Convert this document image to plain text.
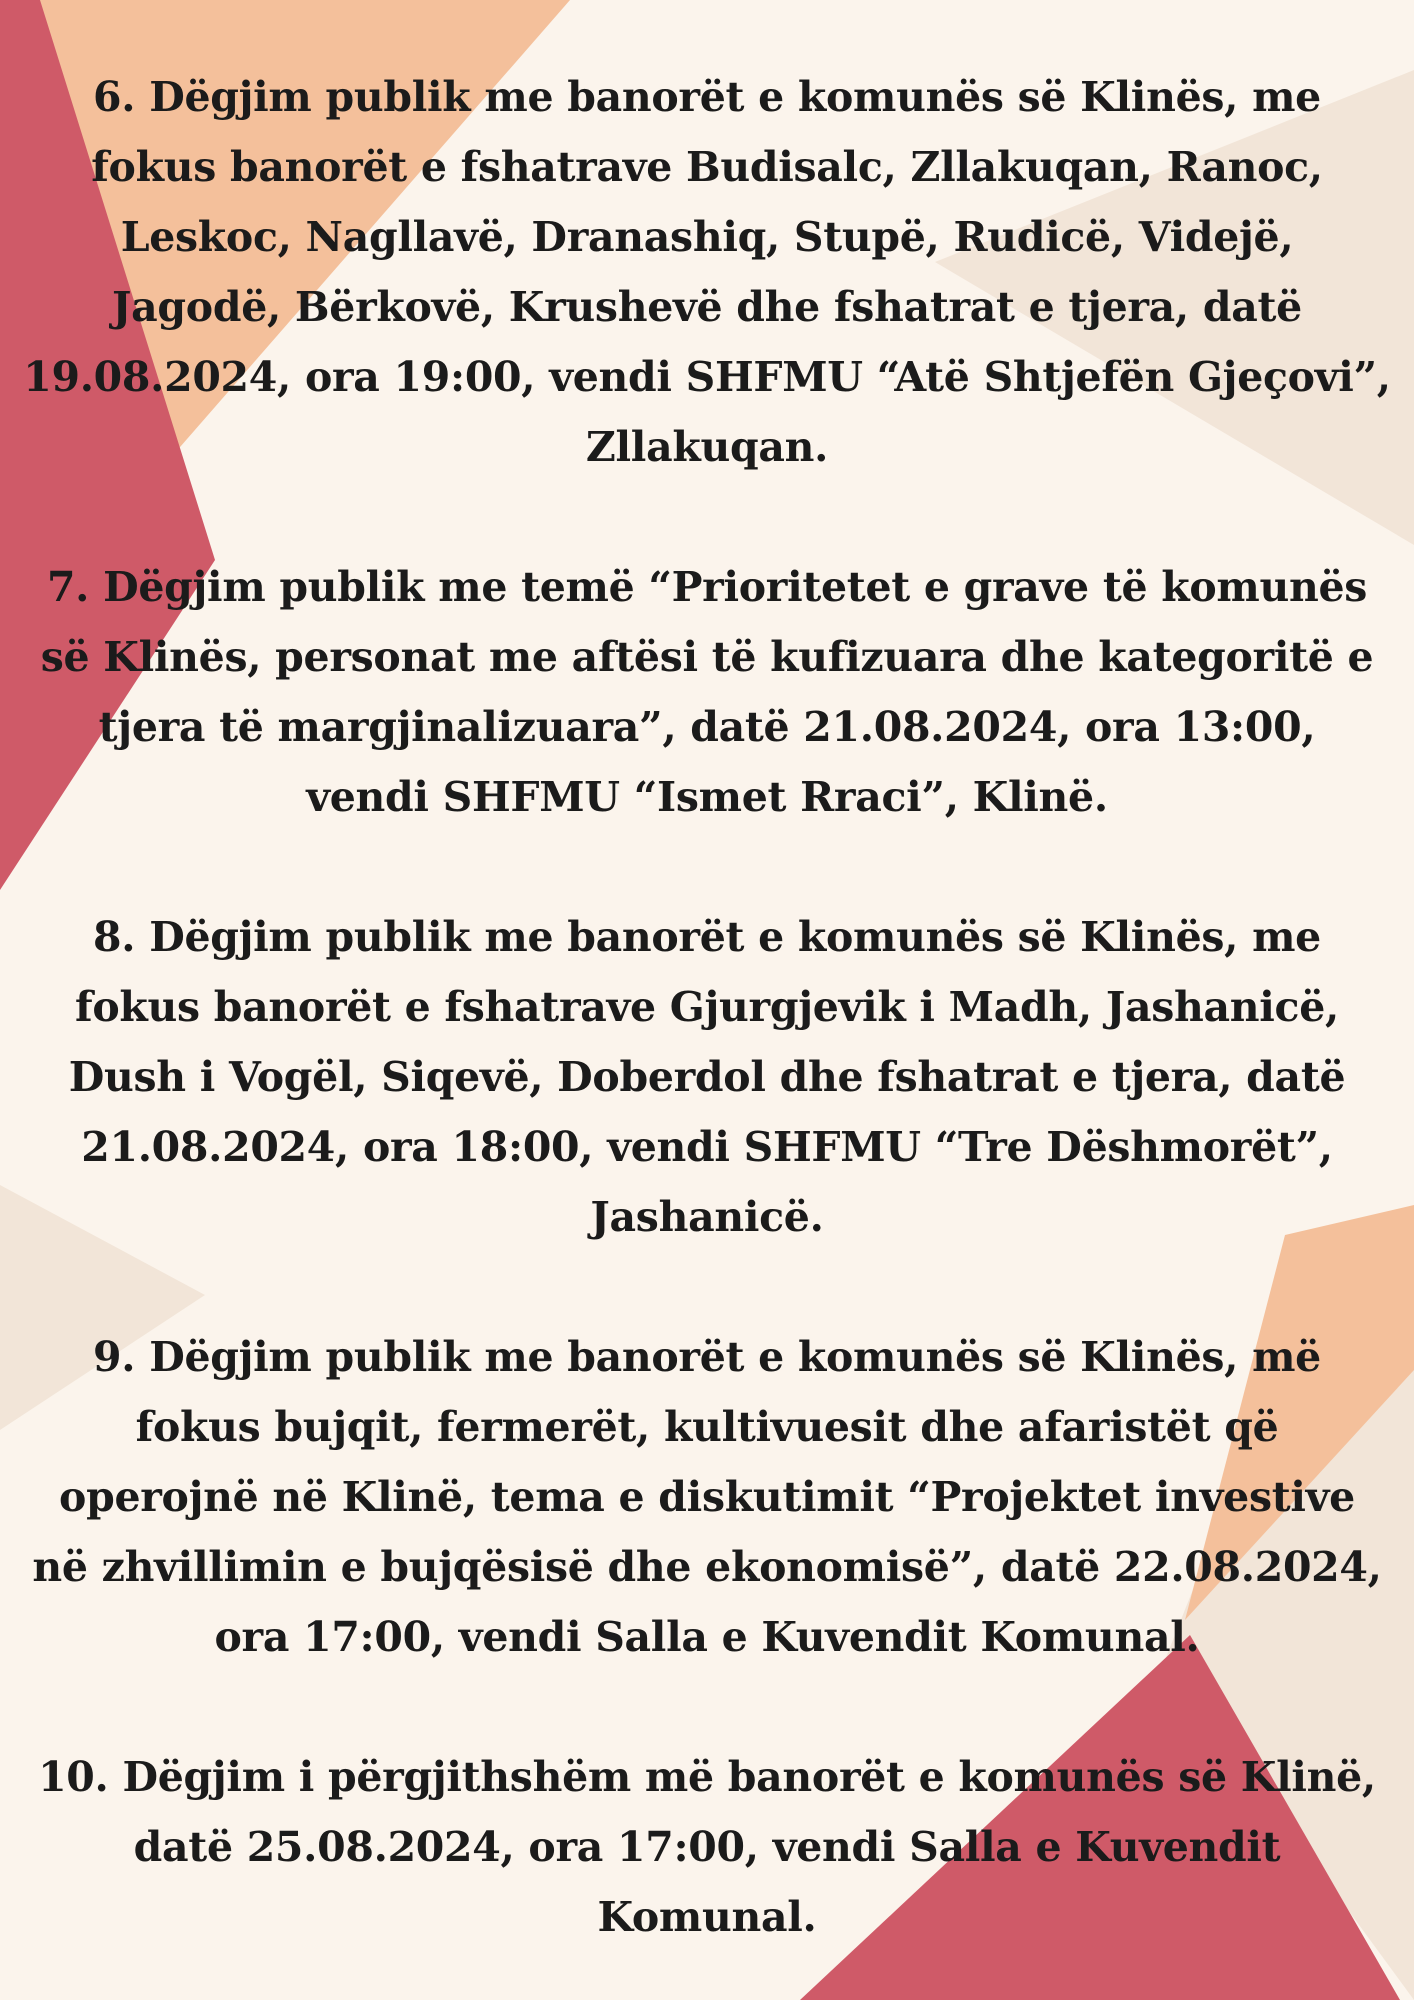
6. Dëgjim publik me banorët e komunës së Klinës, me
fokus banorët e fshatrave Budisalc, Zllakuqan, Ranoc,
Leskoc, Nagllavë, Dranashiq, Stupë, Rudicë, Videjë,
Jagodë, Bërkovë, Krushevë dhe fshatrat e tjera, datë
19.08.2024, ora 19:00, vendi SHFMU “Atë Shtjefën Gjeçovi”,
Zllakuqan.
7. Dëgjim publik me temë “Prioritetet e grave të komunës
së Klinës, personat me aftësi të kufizuara dhe kategoritë e
tjera të margjinalizuara”, datë 21.08.2024, ora 13:00,
vendi SHFMU “Ismet Rraci”, Klinë.
8. Dëgjim publik me banorët e komunës së Klinës, me
fokus banorët e fshatrave Gjurgjevik i Madh, Jashanicë,
Dush i Vogël, Siqevë, Doberdol dhe fshatrat e tjera, datë
21.08.2024, ora 18:00, vendi SHFMU “Tre Dëshmorët”,
Jashanicë.
9. Dëgjim publik me banorët e komunës së Klinës, më
fokus bujqit, fermerët, kultivuesit dhe afaristët që
operojnë në Klinë, tema e diskutimit “Projektet investive
në zhvillimin e bujqësisë dhe ekonomisë”, datë 22.08.2024,
ora 17:00, vendi Salla e Kuvendit Komunal.
10. Dëgjim i përgjithshëm më banorët e komunës së Klinë,
datë 25.08.2024, ora 17:00, vendi Salla e Kuvendit
Komunal.
